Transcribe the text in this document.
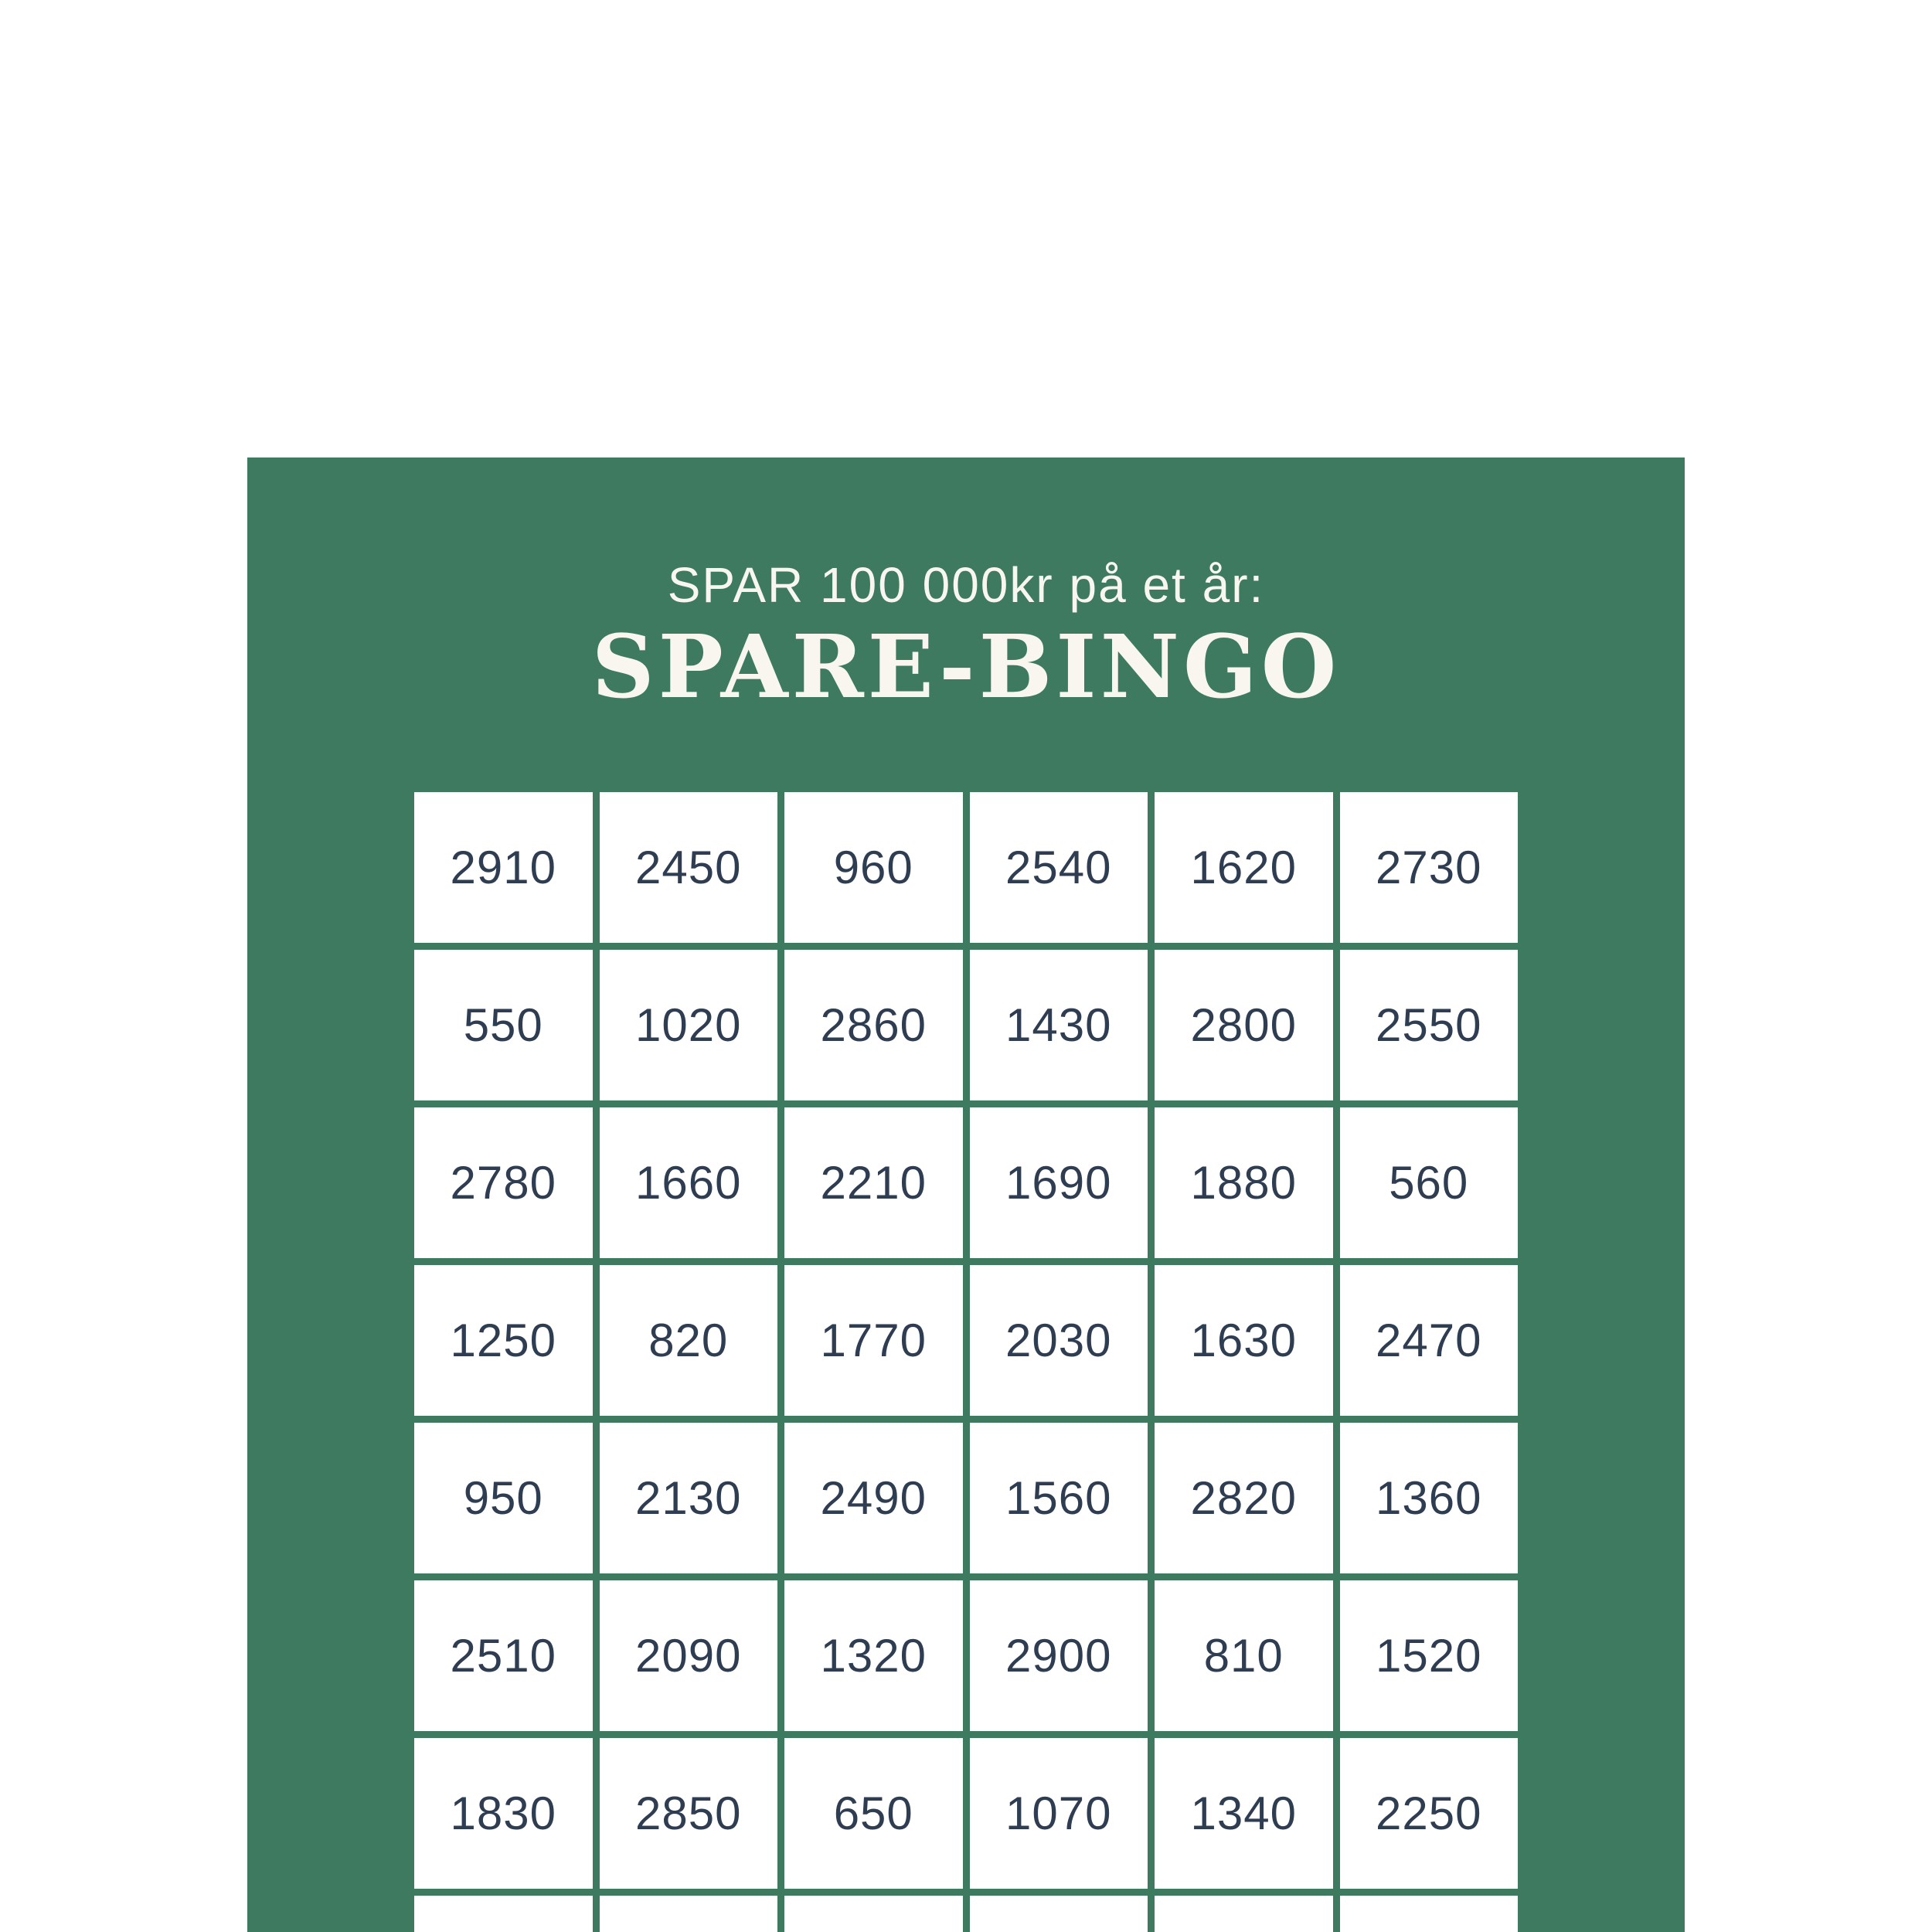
SPAR 100 000kr på et år:
SPARE-BINGO
2910	2450	960	2540	1620	2730
550	1020	2860	1430	2800	2550
2780	1660	2210	1690	1880	560
1250	820	1770	2030	1630	2470
950	2130	2490	1560	2820	1360
2510	2090	1320	2900	810	1520
1830	2850	650	1070	1340	2250
